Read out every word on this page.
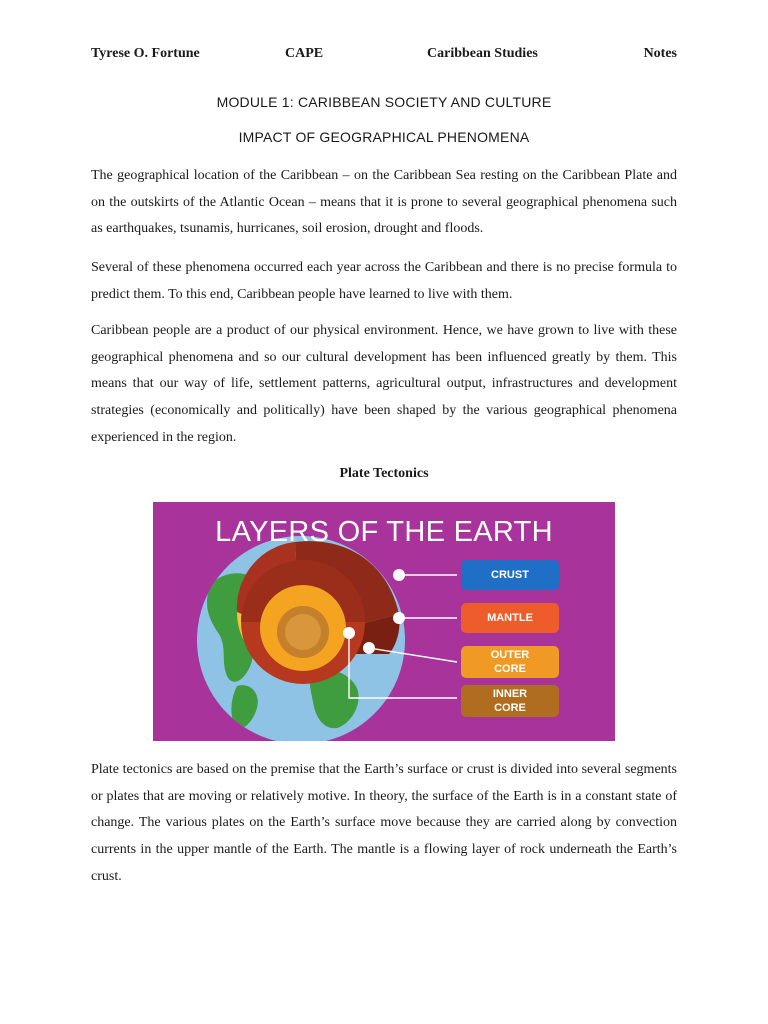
Tyrese O. Fortune	CAPE	Caribbean Studies	Notes
MODULE 1: CARIBBEAN SOCIETY AND CULTURE
IMPACT OF GEOGRAPHICAL PHENOMENA

The geographical location of the Caribbean – on the Caribbean Sea resting on the Caribbean Plate and on the outskirts of the Atlantic Ocean – means that it is prone to several geographical phenomena such as earthquakes, tsunamis, hurricanes, soil erosion, drought and floods.

Several of these phenomena occurred each year across the Caribbean and there is no precise formula to predict them. To this end, Caribbean people have learned to live with them.

Caribbean people are a product of our physical environment. Hence, we have grown to live with these geographical phenomena and so our cultural development has been influenced greatly by them. This means that our way of life, settlement patterns, agricultural output, infrastructures and development strategies (economically and politically) have been shaped by the various geographical phenomena experienced in the region.

Plate Tectonics
LAYERS OF THE EARTH
CRUST
MANTLE
OUTER
CORE
INNER
CORE

Plate tectonics are based on the premise that the Earth’s surface or crust is divided into several segments or plates that are moving or relatively motive. In theory, the surface of the Earth is in a constant state of change. The various plates on the Earth’s surface move because they are carried along by convection currents in the upper mantle of the Earth. The mantle is a flowing layer of rock underneath the Earth’s crust.
